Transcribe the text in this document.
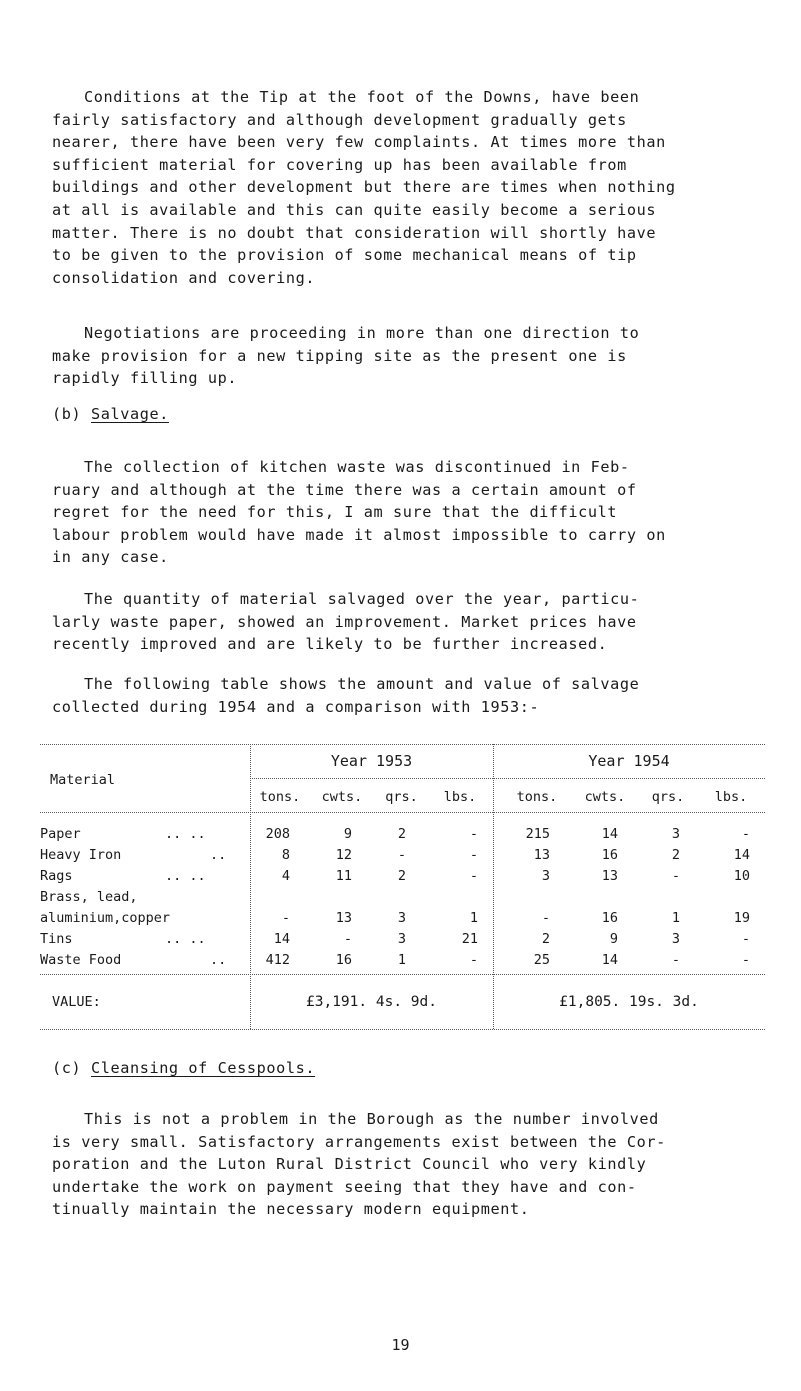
Conditions at the Tip at the foot of the Downs, have been
fairly satisfactory and although development gradually gets
nearer, there have been very few complaints. At times more than
sufficient material for covering up has been available from
buildings and other development but there are times when nothing
at all is available and this can quite easily become a serious
matter. There is no doubt that consideration will shortly have
to be given to the provision of some mechanical means of tip
consolidation and covering.
Negotiations are proceeding in more than one direction to
make provision for a new tipping site as the present one is
rapidly filling up.
(b) Salvage.
The collection of kitchen waste was discontinued in Feb-
ruary and although at the time there was a certain amount of
regret for the need for this, I am sure that the difficult
labour problem would have made it almost impossible to carry on
in any case.
The quantity of material salvaged over the year, particu-
larly waste paper, showed an improvement. Market prices have
recently improved and are likely to be further increased.
The following table shows the amount and value of salvage
collected during 1954 and a comparison with 1953:-
Material
Year 1953	Year 1954
tons.	cwts.	qrs.	lbs.	tons.	cwts.	qrs.	lbs.
Paper	.. ..	208	9	2	-	215	14	3	-
Heavy Iron	..	8	12	-	-	13	16	2	14
Rags	.. ..	4	11	2	-	3	13	-	10
Brass, lead,
aluminium,copper	-	13	3	1	-	16	1	19
Tins	.. ..	14	-	3	21	2	9	3	-
Waste Food	..	412	16	1	-	25	14	-	-
VALUE:	£3,191. 4s. 9d.	£1,805. 19s. 3d.
(c) Cleansing of Cesspools.
This is not a problem in the Borough as the number involved
is very small. Satisfactory arrangements exist between the Cor-
poration and the Luton Rural District Council who very kindly
undertake the work on payment seeing that they have and con-
tinually maintain the necessary modern equipment.
19
